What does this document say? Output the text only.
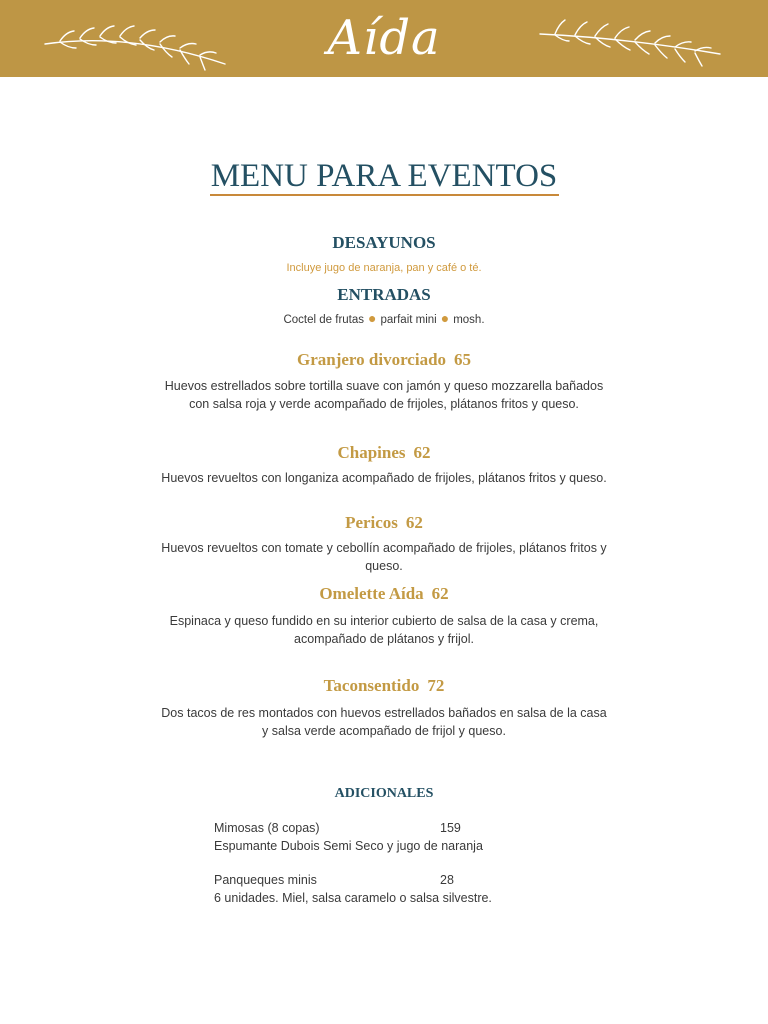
Aída
MENU PARA EVENTOS
DESAYUNOS
Incluye jugo de naranja, pan y café o té.
ENTRADAS
Coctel de frutas ● parfait mini ● mosh.
Granjero divorciado 65
Huevos estrellados sobre tortilla suave con jamón y queso mozzarella bañados con salsa roja y verde acompañado de frijoles, plátanos fritos y queso.
Chapines 62
Huevos revueltos con longaniza acompañado de frijoles, plátanos fritos y queso.
Pericos 62
Huevos revueltos con tomate y cebollín acompañado de frijoles, plátanos fritos y queso.
Omelette Aída 62
Espinaca y queso fundido en su interior cubierto de salsa de la casa y crema, acompañado de plátanos y frijol.
Taconsentido 72
Dos tacos de res montados con huevos estrellados bañados en salsa de la casa y salsa verde acompañado de frijol y queso.
ADICIONALES
Mimosas (8 copas)	159
Espumante Dubois Semi Seco y jugo de naranja
Panqueques minis	28
6 unidades. Miel, salsa caramelo o salsa silvestre.
